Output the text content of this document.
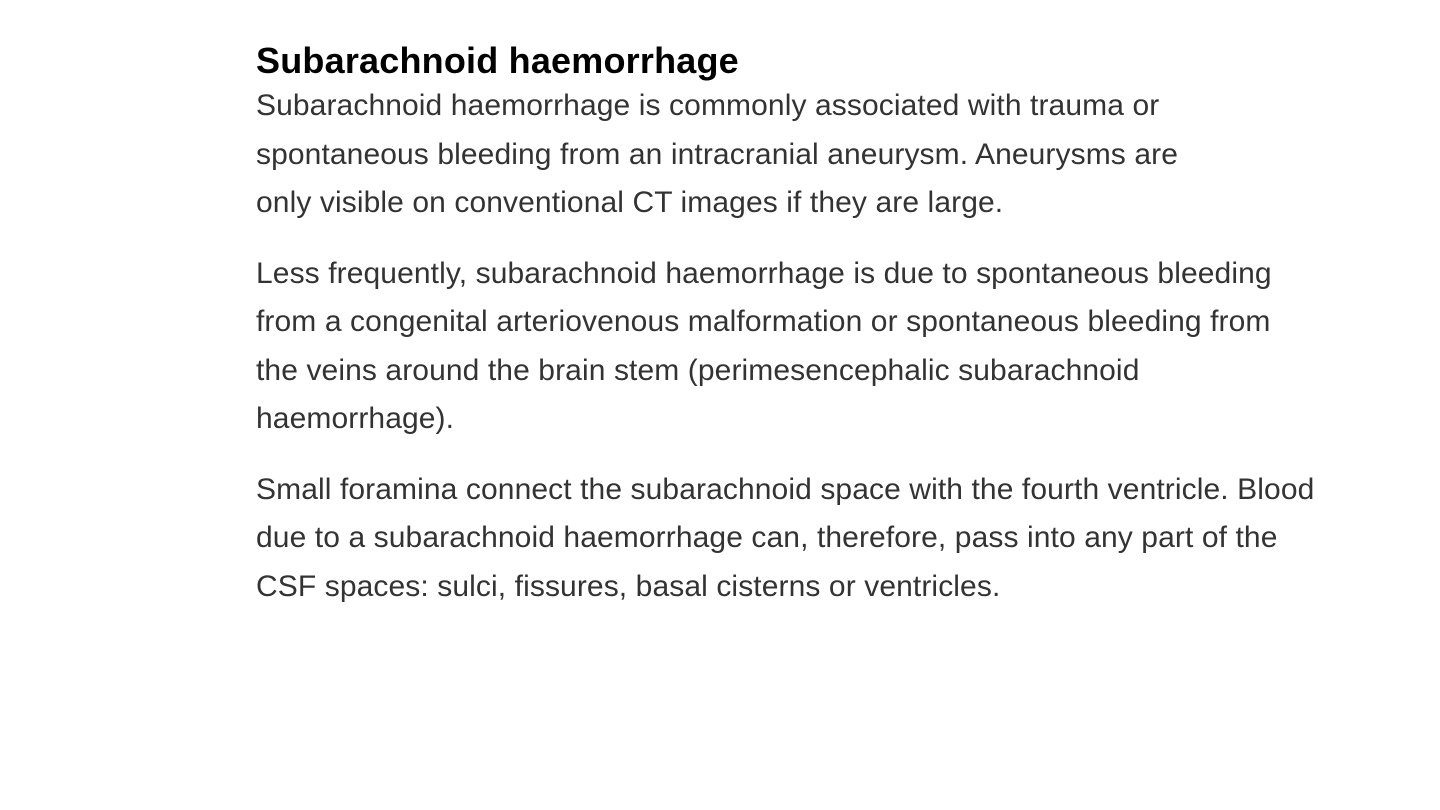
Subarachnoid haemorrhage

Subarachnoid haemorrhage is commonly associated with trauma or spontaneous bleeding from an intracranial aneurysm. Aneurysms are only visible on conventional CT images if they are large.

Less frequently, subarachnoid haemorrhage is due to spontaneous bleeding from a congenital arteriovenous malformation or spontaneous bleeding from the veins around the brain stem (perimesencephalic subarachnoid haemorrhage).

Small foramina connect the subarachnoid space with the fourth ventricle. Blood due to a subarachnoid haemorrhage can, therefore, pass into any part of the CSF spaces: sulci, fissures, basal cisterns or ventricles.
